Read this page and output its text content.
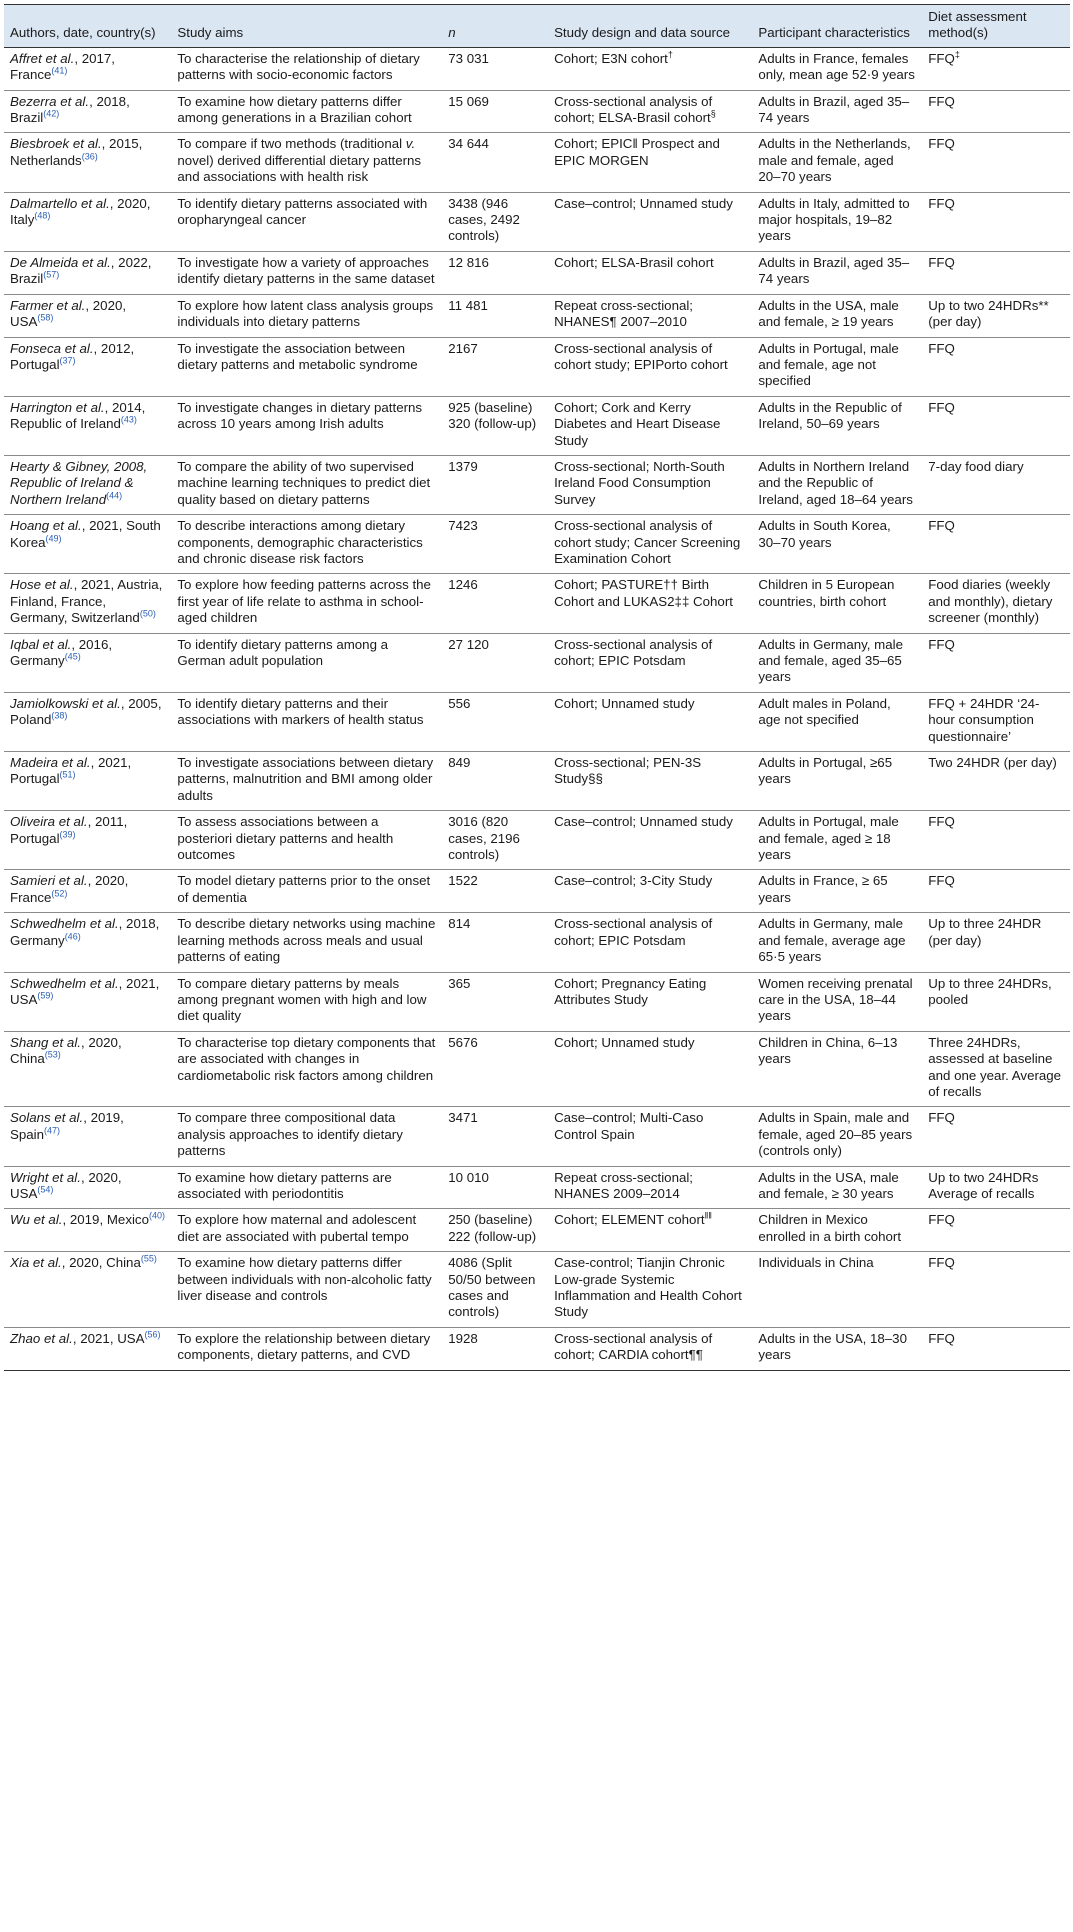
Authors, date, country(s)	Study aims	n	Study design and data source	Participant characteristics	Diet assessment method(s)
Affret et al., 2017, France$^{(41)}$	To characterise the relationship of dietary patterns with socio-economic factors	73 031	Cohort; E3N cohort†	Adults in France, females only, mean age 52·9 years	FFQ‡
Bezerra et al., 2018, Brazil$^{(42)}$	To examine how dietary patterns differ among generations in a Brazilian cohort	15 069	Cross-sectional analysis of cohort; ELSA-Brasil cohort§	Adults in Brazil, aged 35–74 years	FFQ
Biesbroek et al., 2015, Netherlands$^{(36)}$	To compare if two methods (traditional v. novel) derived differential dietary patterns and associations with health risk	34 644	Cohort; EPIC‖ Prospect and EPIC MORGEN	Adults in the Netherlands, male and female, aged 20–70 years	FFQ
Dalmartello et al., 2020, Italy$^{(48)}$	To identify dietary patterns associated with oropharyngeal cancer	3438 (946 cases, 2492 controls)	Case–control; Unnamed study	Adults in Italy, admitted to major hospitals, 19–82 years	FFQ
De Almeida et al., 2022, Brazil$^{(57)}$	To investigate how a variety of approaches identify dietary patterns in the same dataset	12 816	Cohort; ELSA-Brasil cohort	Adults in Brazil, aged 35–74 years	FFQ
Farmer et al., 2020, USA$^{(58)}$	To explore how latent class analysis groups individuals into dietary patterns	11 481	Repeat cross-sectional; NHANES¶ 2007–2010	Adults in the USA, male and female, ≥ 19 years	Up to two 24HDRs** (per day)
Fonseca et al., 2012, Portugal$^{(37)}$	To investigate the association between dietary patterns and metabolic syndrome	2167	Cross-sectional analysis of cohort study; EPIPorto cohort	Adults in Portugal, male and female, age not specified	FFQ
Harrington et al., 2014, Republic of Ireland$^{(43)}$	To investigate changes in dietary patterns across 10 years among Irish adults	925 (baseline) 320 (follow-up)	Cohort; Cork and Kerry Diabetes and Heart Disease Study	Adults in the Republic of Ireland, 50–69 years	FFQ
Hearty & Gibney, 2008, Republic of Ireland & Northern Ireland$^{(44)}$	To compare the ability of two supervised machine learning techniques to predict diet quality based on dietary patterns	1379	Cross-sectional; North-South Ireland Food Consumption Survey	Adults in Northern Ireland and the Republic of Ireland, aged 18–64 years	7-day food diary
Hoang et al., 2021, South Korea$^{(49)}$	To describe interactions among dietary components, demographic characteristics and chronic disease risk factors	7423	Cross-sectional analysis of cohort study; Cancer Screening Examination Cohort	Adults in South Korea, 30–70 years	FFQ
Hose et al., 2021, Austria, Finland, France, Germany, Switzerland$^{(50)}$	To explore how feeding patterns across the first year of life relate to asthma in school-aged children	1246	Cohort; PASTURE†† Birth Cohort and LUKAS2‡‡ Cohort	Children in 5 European countries, birth cohort	Food diaries (weekly and monthly), dietary screener (monthly)
Iqbal et al., 2016, Germany$^{(45)}$	To identify dietary patterns among a German adult population	27 120	Cross-sectional analysis of cohort; EPIC Potsdam	Adults in Germany, male and female, aged 35–65 years	FFQ
Jamiolkowski et al., 2005, Poland$^{(38)}$	To identify dietary patterns and their associations with markers of health status	556	Cohort; Unnamed study	Adult males in Poland, age not specified	FFQ + 24HDR ‘24-hour consumption questionnaire’
Madeira et al., 2021, Portugal$^{(51)}$	To investigate associations between dietary patterns, malnutrition and BMI among older adults	849	Cross-sectional; PEN-3S Study§§	Adults in Portugal, ≥65 years	Two 24HDR (per day)
Oliveira et al., 2011, Portugal$^{(39)}$	To assess associations between a posteriori dietary patterns and health outcomes	3016 (820 cases, 2196 controls)	Case–control; Unnamed study	Adults in Portugal, male and female, aged ≥ 18 years	FFQ
Samieri et al., 2020, France$^{(52)}$	To model dietary patterns prior to the onset of dementia	1522	Case–control; 3-City Study	Adults in France, ≥ 65 years	FFQ
Schwedhelm et al., 2018, Germany$^{(46)}$	To describe dietary networks using machine learning methods across meals and usual patterns of eating	814	Cross-sectional analysis of cohort; EPIC Potsdam	Adults in Germany, male and female, average age 65·5 years	Up to three 24HDR (per day)
Schwedhelm et al., 2021, USA$^{(59)}$	To compare dietary patterns by meals among pregnant women with high and low diet quality	365	Cohort; Pregnancy Eating Attributes Study	Women receiving prenatal care in the USA, 18–44 years	Up to three 24HDRs, pooled
Shang et al., 2020, China$^{(53)}$	To characterise top dietary components that are associated with changes in cardiometabolic risk factors among children	5676	Cohort; Unnamed study	Children in China, 6–13 years	Three 24HDRs, assessed at baseline and one year. Average of recalls
Solans et al., 2019, Spain$^{(47)}$	To compare three compositional data analysis approaches to identify dietary patterns	3471	Case–control; Multi-Caso Control Spain	Adults in Spain, male and female, aged 20–85 years (controls only)	FFQ
Wright et al., 2020, USA$^{(54)}$	To examine how dietary patterns are associated with periodontitis	10 010	Repeat cross-sectional; NHANES 2009–2014	Adults in the USA, male and female, ≥ 30 years	Up to two 24HDRs Average of recalls
Wu et al., 2019, Mexico$^{(40)}$	To explore how maternal and adolescent diet are associated with pubertal tempo	250 (baseline) 222 (follow-up)	Cohort; ELEMENT cohort‖‖	Children in Mexico enrolled in a birth cohort	FFQ
Xia et al., 2020, China$^{(55)}$	To examine how dietary patterns differ between individuals with non-alcoholic fatty liver disease and controls	4086 (Split 50/50 between cases and controls)	Case-control; Tianjin Chronic Low-grade Systemic Inflammation and Health Cohort Study	Individuals in China	FFQ
Zhao et al., 2021, USA$^{(56)}$	To explore the relationship between dietary components, dietary patterns, and CVD	1928	Cross-sectional analysis of cohort; CARDIA cohort¶¶	Adults in the USA, 18–30 years	FFQ
